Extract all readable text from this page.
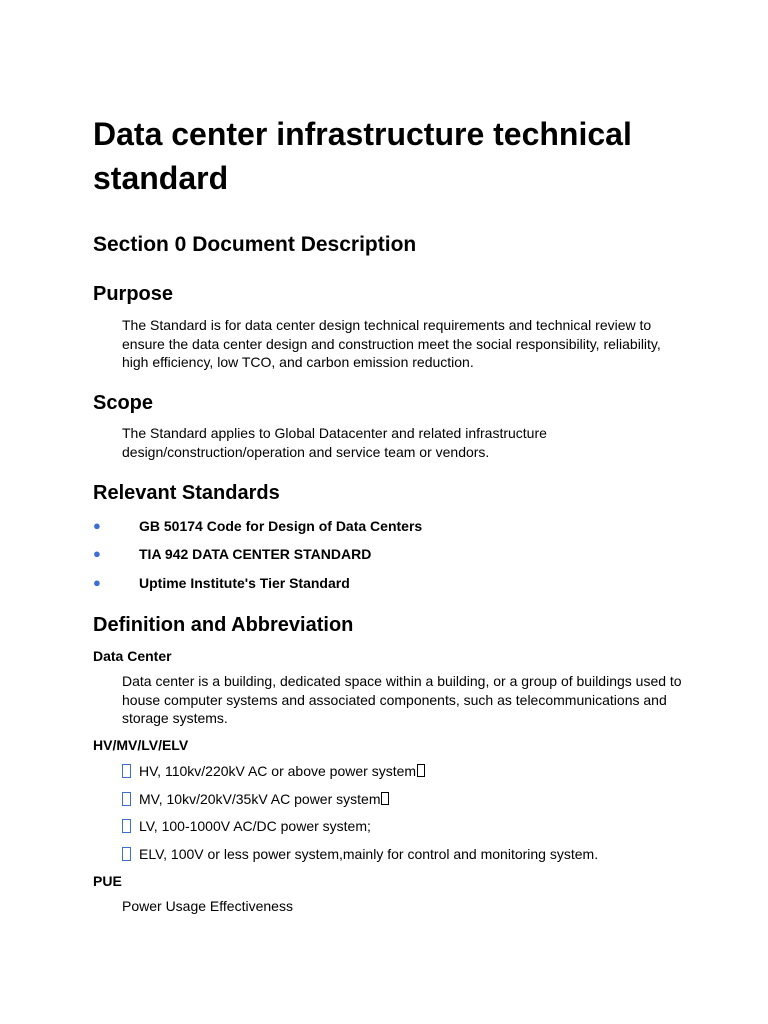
Data center infrastructure technical standard
Section 0 Document Description
Purpose

The Standard is for data center design technical requirements and technical review to ensure the data center design and construction meet the social responsibility, reliability, high efficiency, low TCO, and carbon emission reduction.

Scope

The Standard applies to Global Datacenter and related infrastructure design/construction/operation and service team or vendors.

Relevant Standards
●	GB 50174 Code for Design of Data Centers
●	TIA 942 DATA CENTER STANDARD
●	Uptime Institute's Tier Standard
Definition and Abbreviation
Data Center

Data center is a building, dedicated space within a building, or a group of buildings used to house computer systems and associated components, such as telecommunications and storage systems.

HV/MV/LV/ELV
HV, 110kv/220kV AC or above power system
MV, 10kv/20kV/35kV AC power system
LV, 100-1000V AC/DC power system;
ELV, 100V or less power system,mainly for control and monitoring system.
PUE

Power Usage Effectiveness
